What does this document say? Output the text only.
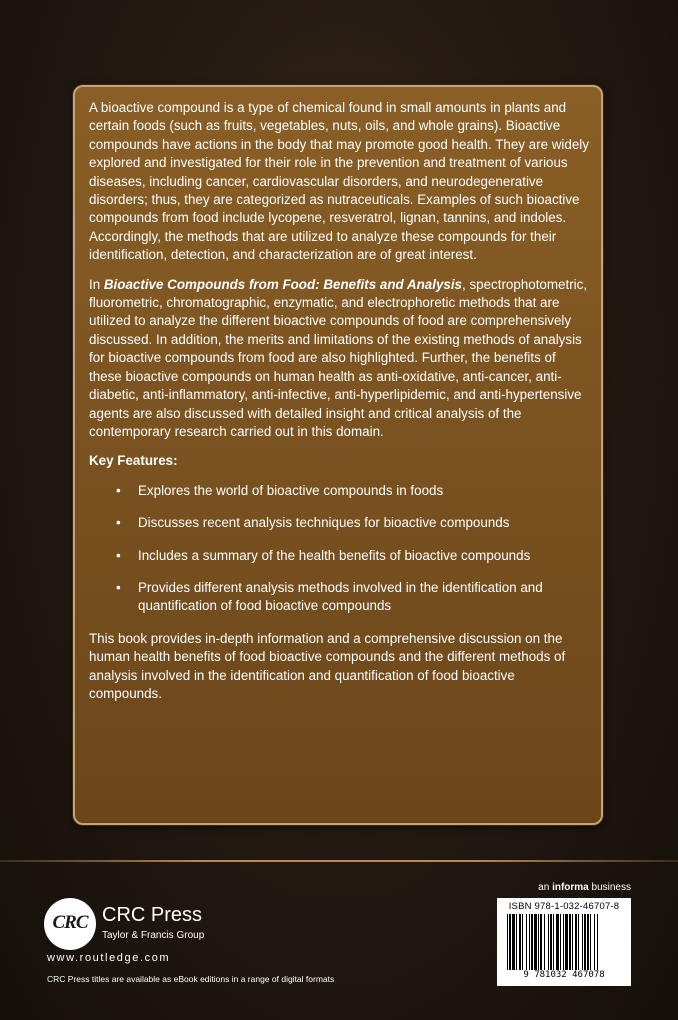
A bioactive compound is a type of chemical found in small amounts in plants and certain foods (such as fruits, vegetables, nuts, oils, and whole grains). Bioactive compounds have actions in the body that may promote good health. They are widely explored and investigated for their role in the prevention and treatment of various diseases, including cancer, cardiovascular disorders, and neurodegenerative disorders; thus, they are categorized as nutraceuticals. Examples of such bioactive compounds from food include lycopene, resveratrol, lignan, tannins, and indoles. Accordingly, the methods that are utilized to analyze these compounds for their identification, detection, and characterization are of great interest.

In Bioactive Compounds from Food: Benefits and Analysis, spectrophotometric, fluorometric, chromatographic, enzymatic, and electrophoretic methods that are utilized to analyze the different bioactive compounds of food are comprehensively discussed. In addition, the merits and limitations of the existing methods of analysis for bioactive compounds from food are also highlighted. Further, the benefits of these bioactive compounds on human health as anti-oxidative, anti-cancer, anti-diabetic, anti-inflammatory, anti-infective, anti-hyperlipidemic, and anti-hypertensive agents are also discussed with detailed insight and critical analysis of the contemporary research carried out in this domain.

Key Features:
• Explores the world of bioactive compounds in foods
• Discusses recent analysis techniques for bioactive compounds
• Includes a summary of the health benefits of bioactive compounds
• Provides different analysis methods involved in the identification and quantification of food bioactive compounds

This book provides in-depth information and a comprehensive discussion on the human health benefits of food bioactive compounds and the different methods of analysis involved in the identification and quantification of food bioactive compounds.

an informa business
ISBN 978-1-032-46707-8
9 781032 467078
CRC CRC Press
Taylor & Francis Group
www.routledge.com
CRC Press titles are available as eBook editions in a range of digital formats
